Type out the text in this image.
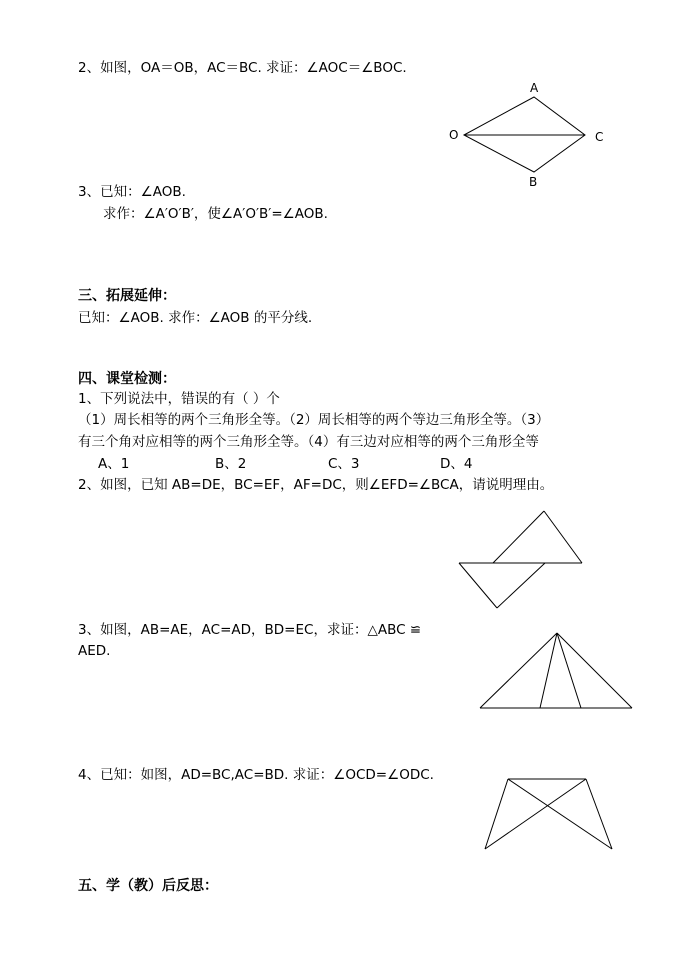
2、如图，OA＝OB，AC＝BC. 求证：∠AOC＝∠BOC.
A
O	C
B
3、已知：∠AOB.
求作：∠A′O′B′，使∠A′O′B′=∠AOB.
三、拓展延伸：
已知：∠AOB. 求作：∠AOB 的平分线.
四、课堂检测：
1、下列说法中，错误的有（ ）个
（1）周长相等的两个三角形全等。（2）周长相等的两个等边三角形全等。（3）
有三个角对应相等的两个三角形全等。（4）有三边对应相等的两个三角形全等
A、1	B、2	C、3	D、4
2、如图，已知 AB=DE，BC=EF，AF=DC，则∠EFD=∠BCA，请说明理由。
3、如图，AB=AE，AC=AD，BD=EC，求证：△ABC ≌
AED.
4、已知：如图，AD=BC,AC=BD. 求证：∠OCD=∠ODC.
五、学（教）后反思：
